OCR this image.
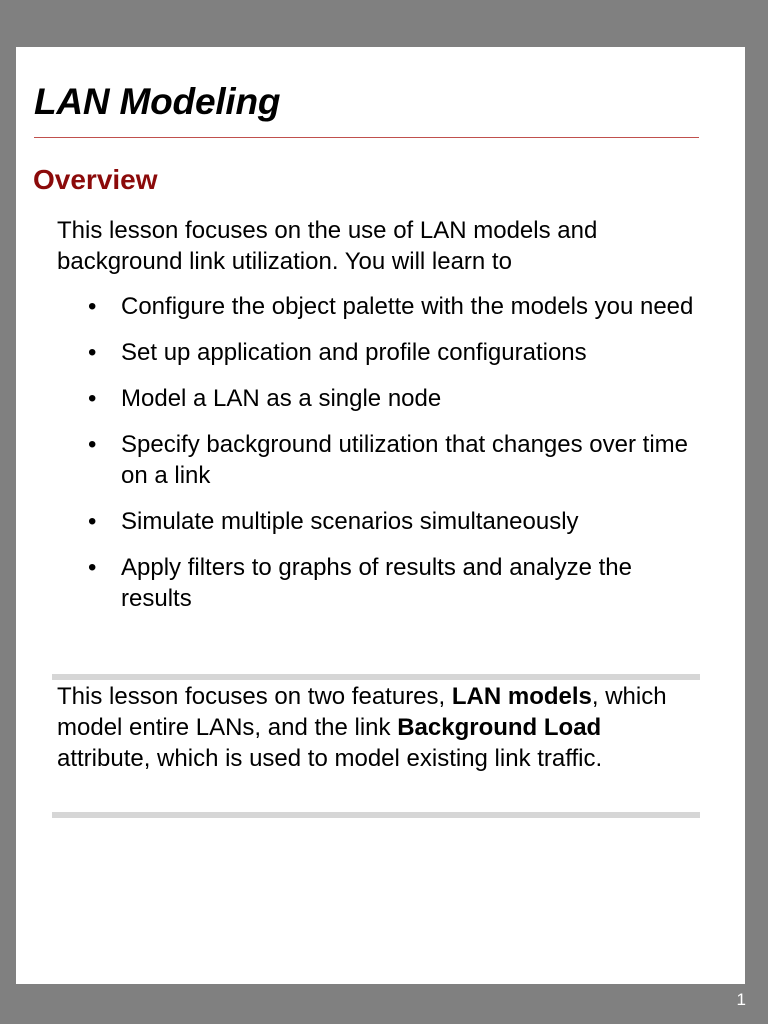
LAN Modeling
Overview

This lesson focuses on the use of LAN models and background link utilization. You will learn to

• Configure the object palette with the models you need
• Set up application and profile configurations
• Model a LAN as a single node
• Specify background utilization that changes over time on a link
• Simulate multiple scenarios simultaneously
• Apply filters to graphs of results and analyze the results

This lesson focuses on two features, LAN models, which model entire LANs, and the link Background Load attribute, which is used to model existing link traffic.

1
